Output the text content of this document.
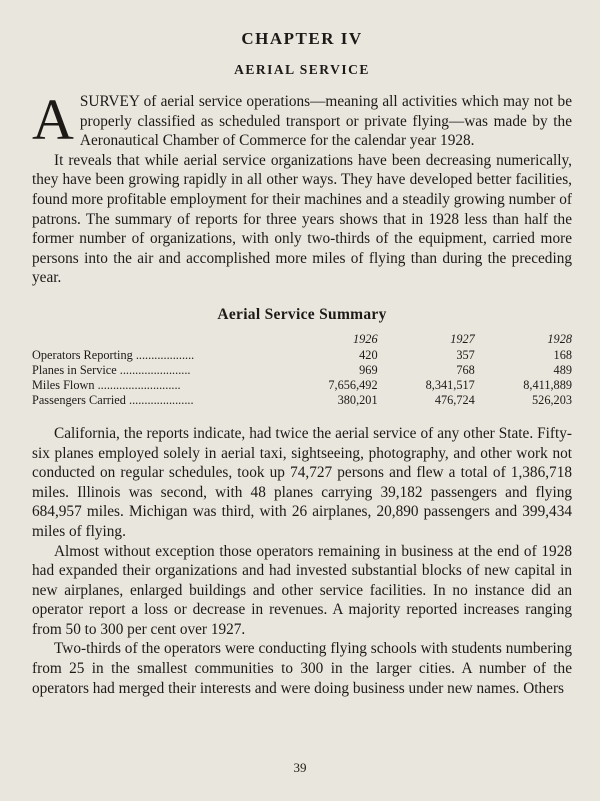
CHAPTER IV
AERIAL SERVICE

ASURVEY of aerial service operations—meaning all activities which may not be properly classified as scheduled transport or private flying—was made by the Aeronautical Chamber of Commerce for the calendar year 1928.

It reveals that while aerial service organizations have been decreasing numerically, they have been growing rapidly in all other ways. They have developed better facilities, found more profitable employment for their machines and a steadily growing number of patrons. The summary of reports for three years shows that in 1928 less than half the former number of organizations, with only two-thirds of the equipment, carried more persons into the air and accomplished more miles of flying than during the preceding year.

Aerial Service Summary
	1926	1927	1928
Operators Reporting ...................	420	357	168
Planes in Service .......................	969	768	489
Miles Flown ...........................	7,656,492	8,341,517	8,411,889
Passengers Carried .....................	380,201	476,724	526,203

California, the reports indicate, had twice the aerial service of any other State. Fifty-six planes employed solely in aerial taxi, sightseeing, photography, and other work not conducted on regular schedules, took up 74,727 persons and flew a total of 1,386,718 miles. Illinois was second, with 48 planes carrying 39,182 passengers and flying 684,957 miles. Michigan was third, with 26 airplanes, 20,890 passengers and 399,434 miles of flying.

Almost without exception those operators remaining in business at the end of 1928 had expanded their organizations and had invested substantial blocks of new capital in new airplanes, enlarged buildings and other service facilities. In no instance did an operator report a loss or decrease in revenues. A majority reported increases ranging from 50 to 300 per cent over 1927.

Two-thirds of the operators were conducting flying schools with students numbering from 25 in the smallest communities to 300 in the larger cities. A number of the operators had merged their interests and were doing business under new names. Others

39
